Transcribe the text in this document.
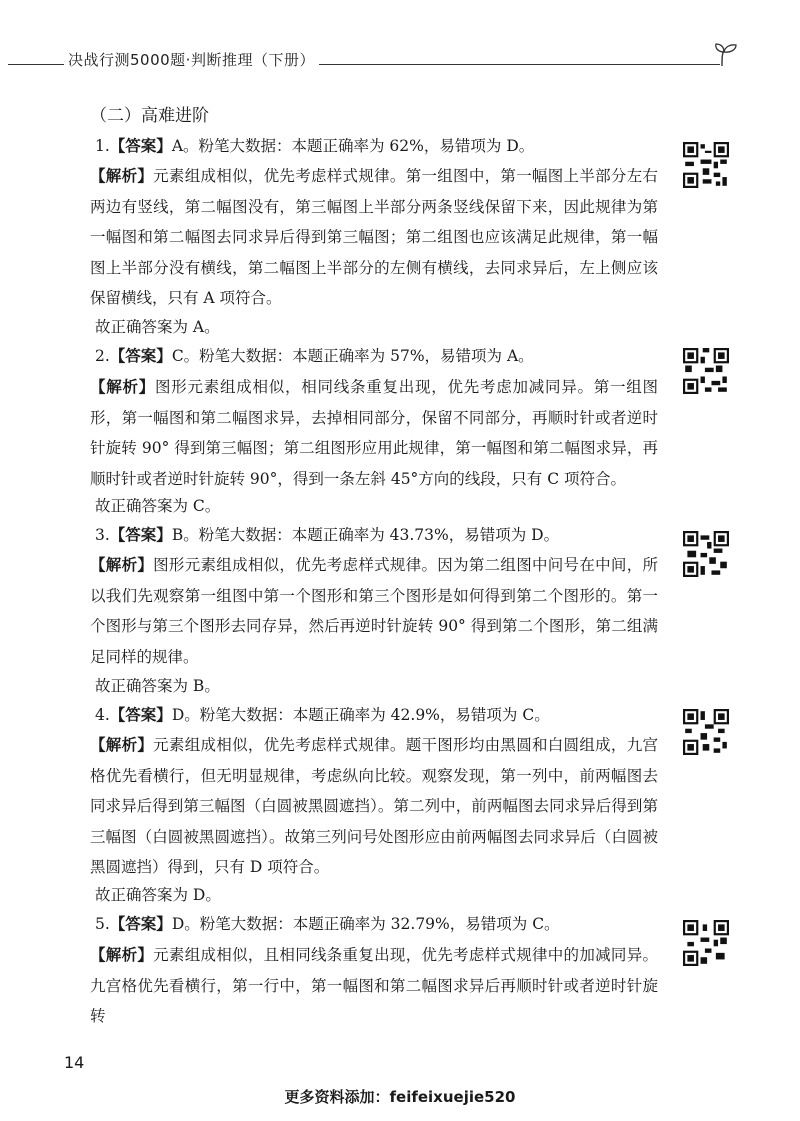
决战行测5000题·判断推理（下册）
（二）高难进阶
1.【答案】A。粉笔大数据：本题正确率为 62%，易错项为 D。
【解析】元素组成相似，优先考虑样式规律。第一组图中，第一幅图上半部分左右两边有竖线，第二幅图没有，第三幅图上半部分两条竖线保留下来，因此规律为第一幅图和第二幅图去同求异后得到第三幅图；第二组图也应该满足此规律，第一幅图上半部分没有横线，第二幅图上半部分的左侧有横线，去同求异后，左上侧应该保留横线，只有 A 项符合。
故正确答案为 A。
2.【答案】C。粉笔大数据：本题正确率为 57%，易错项为 A。
【解析】图形元素组成相似，相同线条重复出现，优先考虑加减同异。第一组图形，第一幅图和第二幅图求异，去掉相同部分，保留不同部分，再顺时针或者逆时针旋转 90° 得到第三幅图；第二组图形应用此规律，第一幅图和第二幅图求异，再顺时针或者逆时针旋转 90°，得到一条左斜 45°方向的线段，只有 C 项符合。
故正确答案为 C。
3.【答案】B。粉笔大数据：本题正确率为 43.73%，易错项为 D。
【解析】图形元素组成相似，优先考虑样式规律。因为第二组图中问号在中间，所以我们先观察第一组图中第一个图形和第三个图形是如何得到第二个图形的。第一个图形与第三个图形去同存异，然后再逆时针旋转 90° 得到第二个图形，第二组满足同样的规律。
故正确答案为 B。
4.【答案】D。粉笔大数据：本题正确率为 42.9%，易错项为 C。
【解析】元素组成相似，优先考虑样式规律。题干图形均由黑圆和白圆组成，九宫格优先看横行，但无明显规律，考虑纵向比较。观察发现，第一列中，前两幅图去同求异后得到第三幅图（白圆被黑圆遮挡）。第二列中，前两幅图去同求异后得到第三幅图（白圆被黑圆遮挡）。故第三列问号处图形应由前两幅图去同求异后（白圆被黑圆遮挡）得到，只有 D 项符合。
故正确答案为 D。
5.【答案】D。粉笔大数据：本题正确率为 32.79%，易错项为 C。
【解析】元素组成相似，且相同线条重复出现，优先考虑样式规律中的加减同异。九宫格优先看横行，第一行中，第一幅图和第二幅图求异后再顺时针或者逆时针旋转
14
更多资料添加：feifeixuejie520
